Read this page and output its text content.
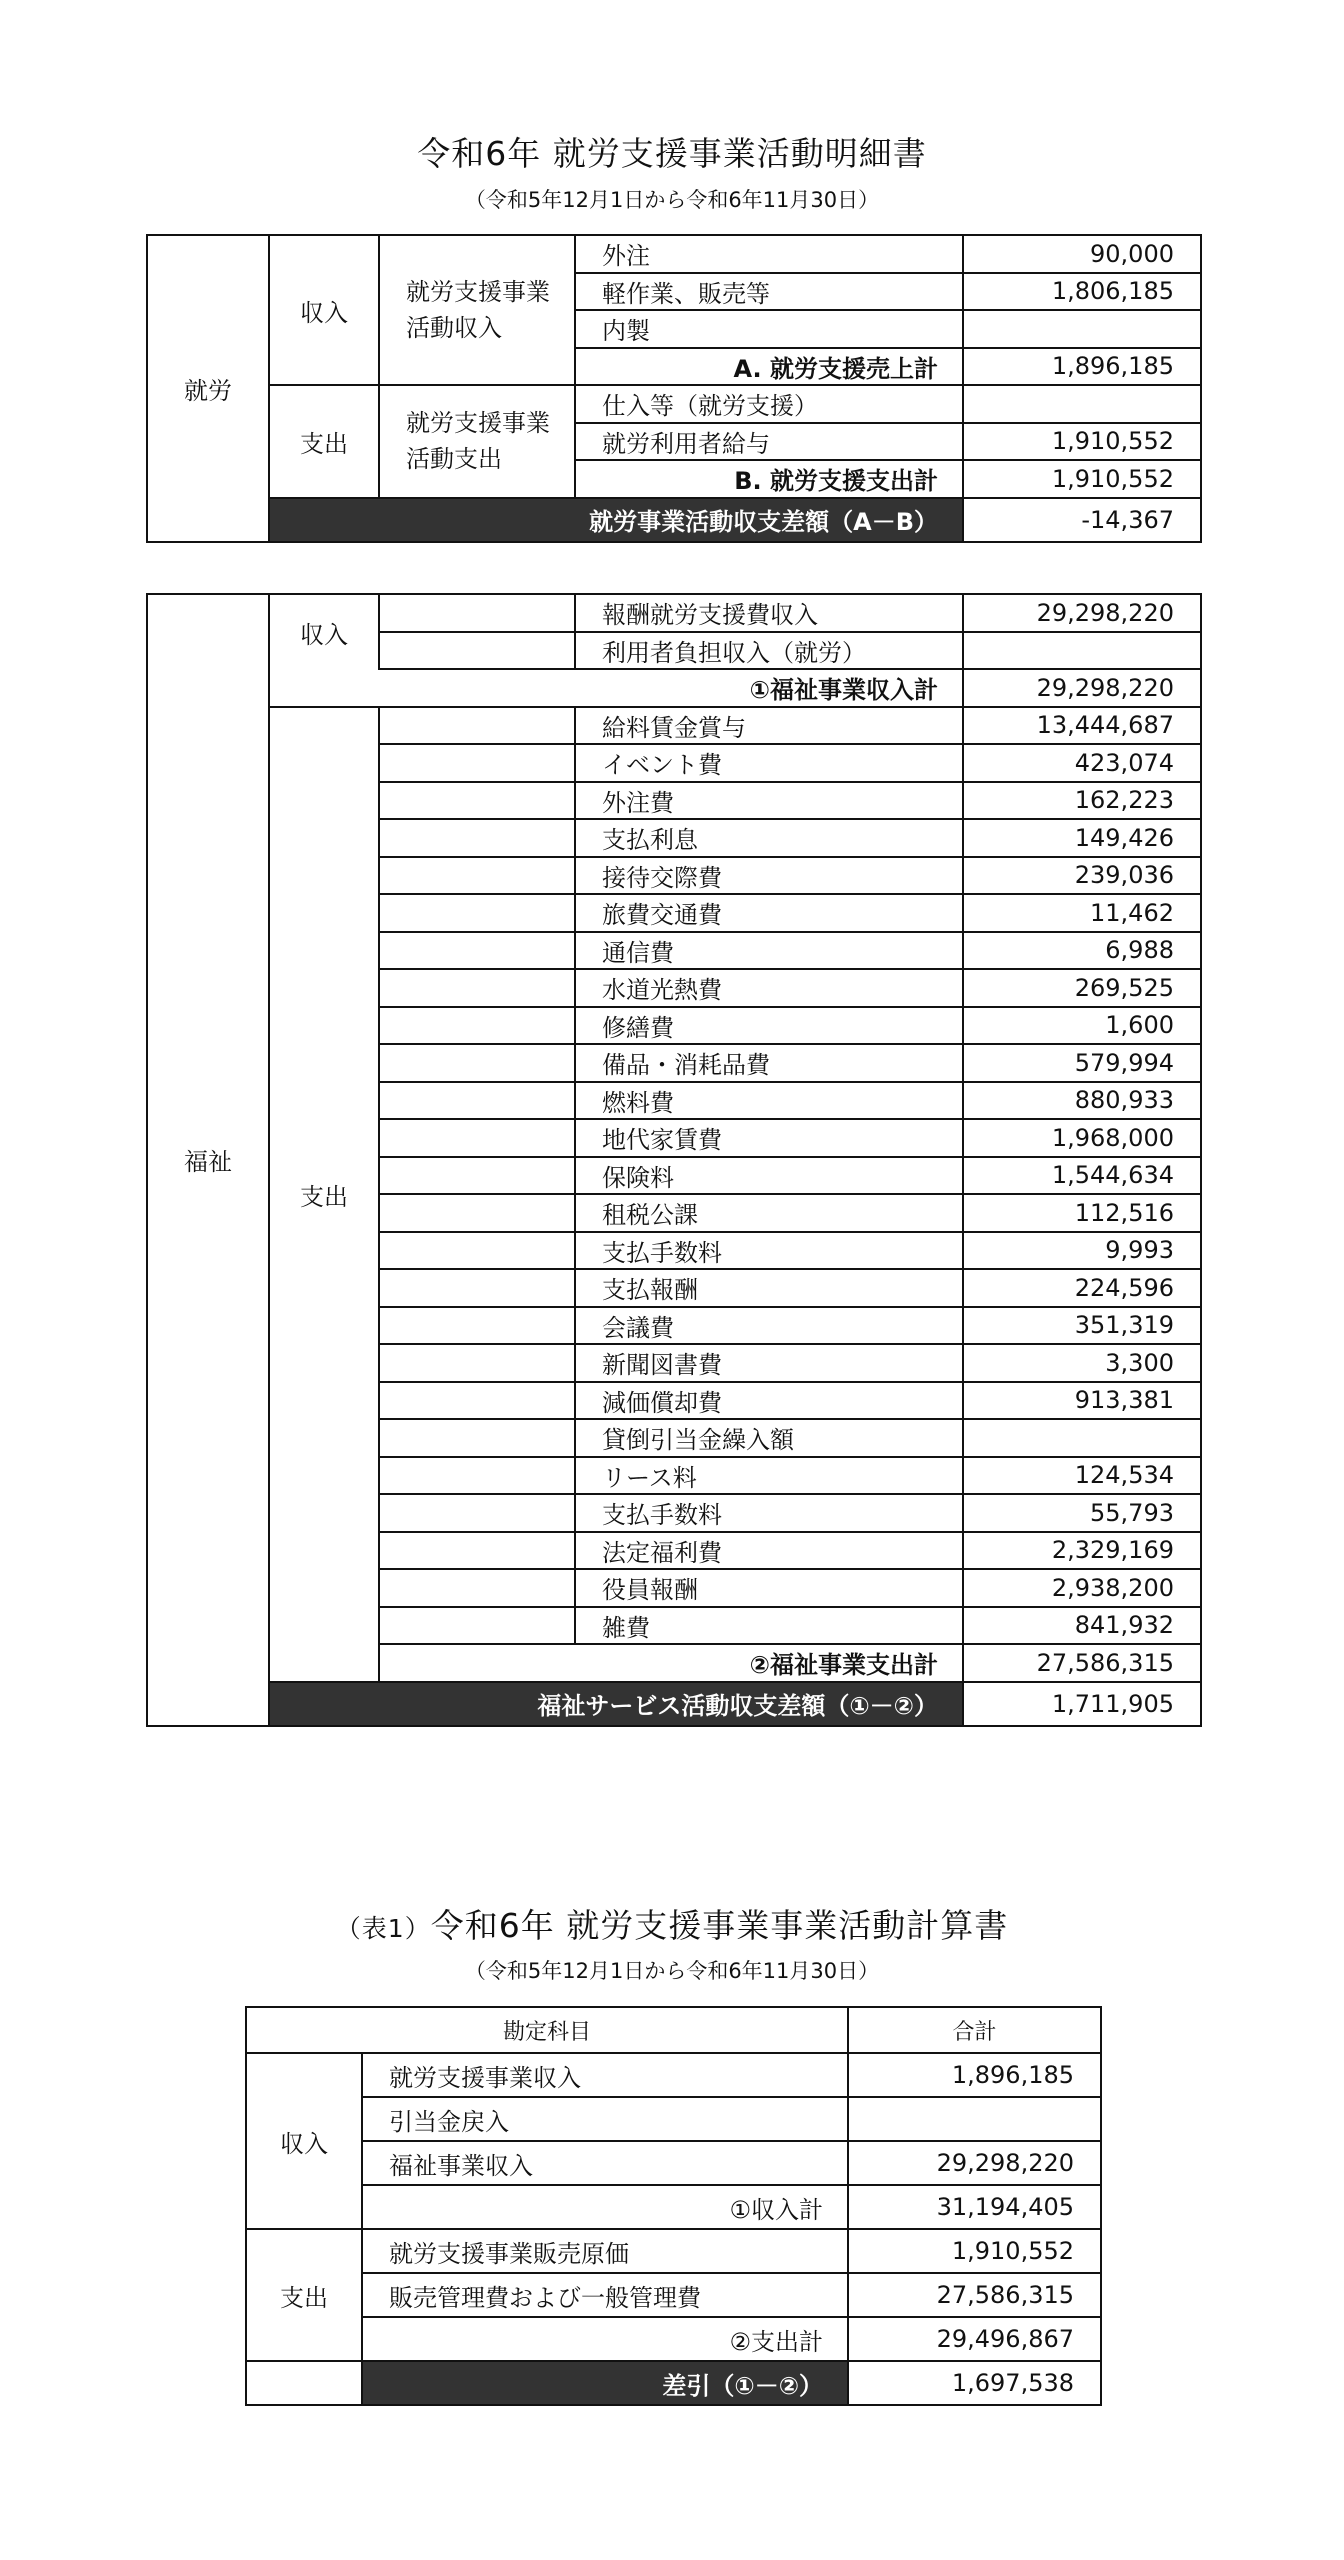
令和6年 就労支援事業活動明細書
（令和5年12月1日から令和6年11月30日）
就労	収入	就労支援事業活動収入	外注	90,000
			軽作業、販売等	1,806,185
			内製	
			A. 就労支援売上計	1,896,185
	支出	就労支援事業活動支出	仕入等（就労支援）	
			就労利用者給与	1,910,552
			B. 就労支援支出計	1,910,552
	就労事業活動収支差額（A－B）			-14,367
福祉	収入		報酬就労支援費収入	29,298,220
			利用者負担収入（就労）	
	①福祉事業収入計			29,298,220
	支出		給料賃金賞与	13,444,687
			イベント費	423,074
			外注費	162,223
			支払利息	149,426
			接待交際費	239,036
			旅費交通費	11,462
			通信費	6,988
			水道光熱費	269,525
			修繕費	1,600
			備品・消耗品費	579,994
			燃料費	880,933
			地代家賃費	1,968,000
			保険料	1,544,634
			租税公課	112,516
			支払手数料	9,993
			支払報酬	224,596
			会議費	351,319
			新聞図書費	3,300
			減価償却費	913,381
			貸倒引当金繰入額	
			リース料	124,534
			支払手数料	55,793
			法定福利費	2,329,169
			役員報酬	2,938,200
			雑費	841,932
		②福祉事業支出計		27,586,315
	福祉サービス活動収支差額（①－②）			1,711,905
（表1）令和6年 就労支援事業事業活動計算書
（令和5年12月1日から令和6年11月30日）
勘定科目		合計
収入	就労支援事業収入	1,896,185
	引当金戻入	
	福祉事業収入	29,298,220
	①収入計	31,194,405
支出	就労支援事業販売原価	1,910,552
	販売管理費および一般管理費	27,586,315
	②支出計	29,496,867
	差引（①－②）	1,697,538
